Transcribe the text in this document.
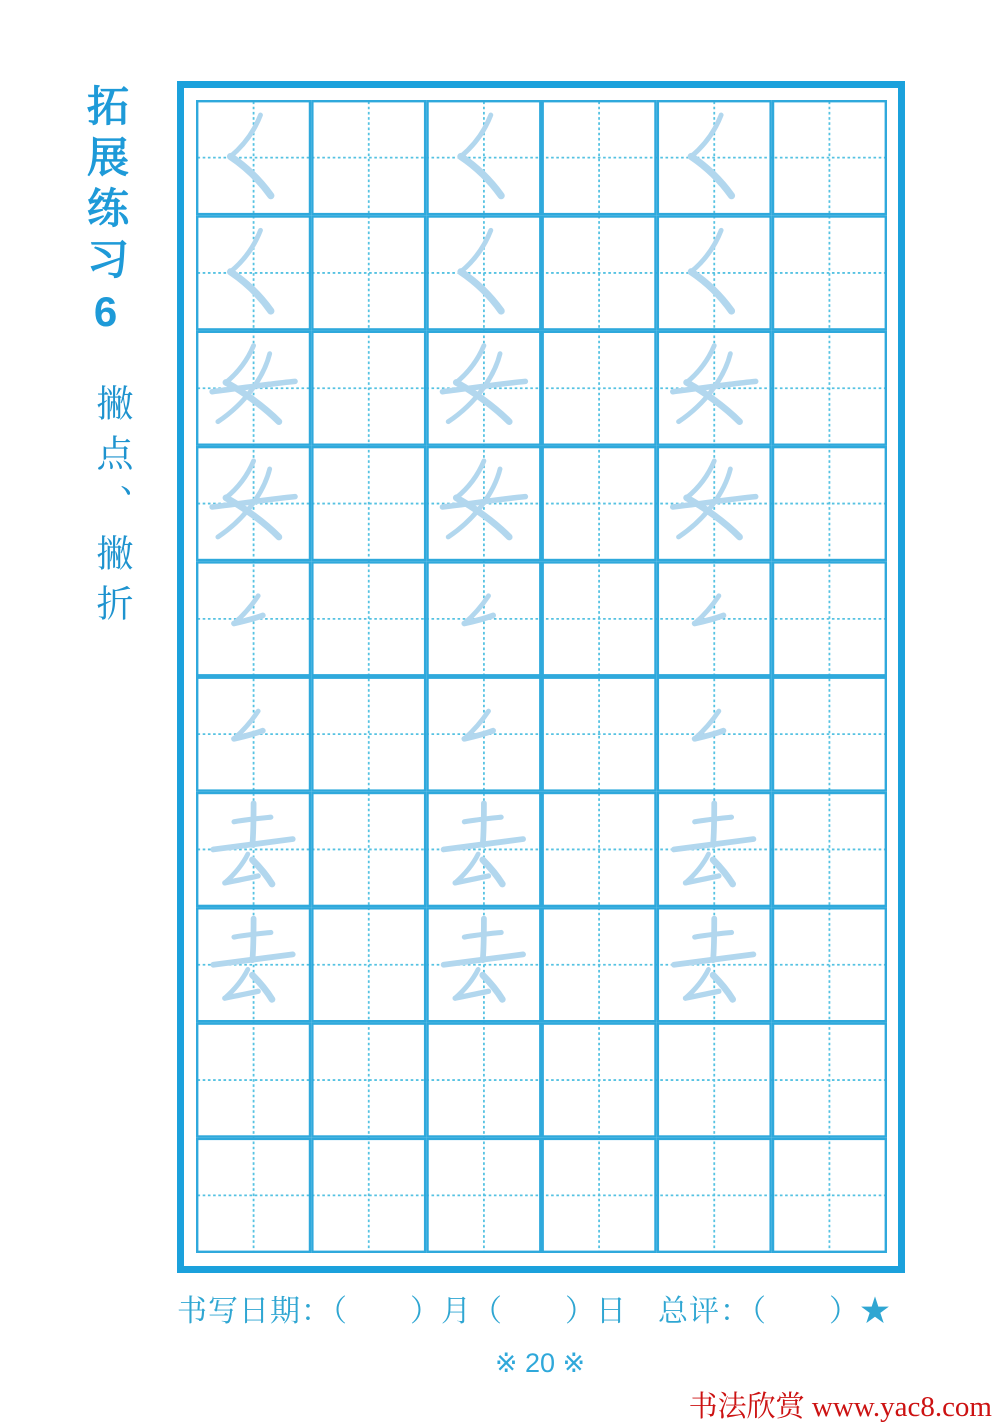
拓展练习6
撇点、撇折
书写日期：（　　）月（　　）日　总评：（　　）★
※ 20 ※
书法欣赏 www.yac8.com
